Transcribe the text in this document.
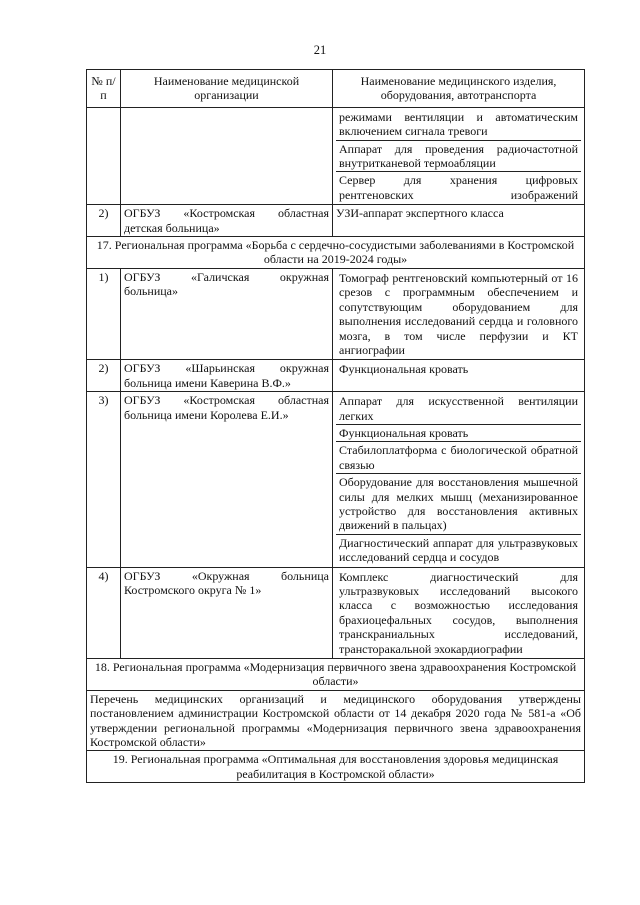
21
№ п/п	Наименование медицинской организации	Наименование медицинского изделия, оборудования, автотранспорта

		режимами вентиляции и автоматическим включением сигнала тревоги
Аппарат для проведения радиочастотной внутритканевой термоабляции
Сервер для хранения цифровых рентгеновских изображений

2)	ОГБУЗ «Костромская областная детская больница»	УЗИ-аппарат экспертного класса
17. Региональная программа «Борьба с сердечно-сосудистыми заболеваниями в Костромской области на 2019-2024 годы»		
1)	ОГБУЗ «Галичская окружная больница»	Томограф рентгеновский компьютерный от 16 срезов с программным обеспечением и сопутствующим оборудованием для выполнения исследований сердца и головного мозга, в том числе перфузии и КТ ангиографии

2)	ОГБУЗ «Шарьинская окружная больница имени Каверина В.Ф.»	Функциональная кровать

3)	ОГБУЗ «Костромская областная больница имени Королева Е.И.»	Аппарат для искусственной вентиляции легких
Функциональная кровать
Стабилоплатформа с биологической обратной связью
Оборудование для восстановления мышечной силы для мелких мышц (механизированное устройство для восстановления активных движений в пальцах)
Диагностический аппарат для ультразвуковых исследований сердца и сосудов

4)	ОГБУЗ «Окружная больница Костромского округа № 1»	Комплекс диагностический для ультразвуковых исследований высокого класса с возможностью исследования брахиоцефальных сосудов, выполнения транскраниальных исследований, трансторакальной эхокардиографии

18. Региональная программа «Модернизация первичного звена здравоохранения Костромской области»		
Перечень медицинских организаций и медицинского оборудования утверждены постановлением администрации Костромской области от 14 декабря 2020 года № 581-а «Об утверждении региональной программы «Модернизация первичного звена здравоохранения Костромской области»		
19. Региональная программа «Оптимальная для восстановления здоровья медицинская реабилитация в Костромской области»		
